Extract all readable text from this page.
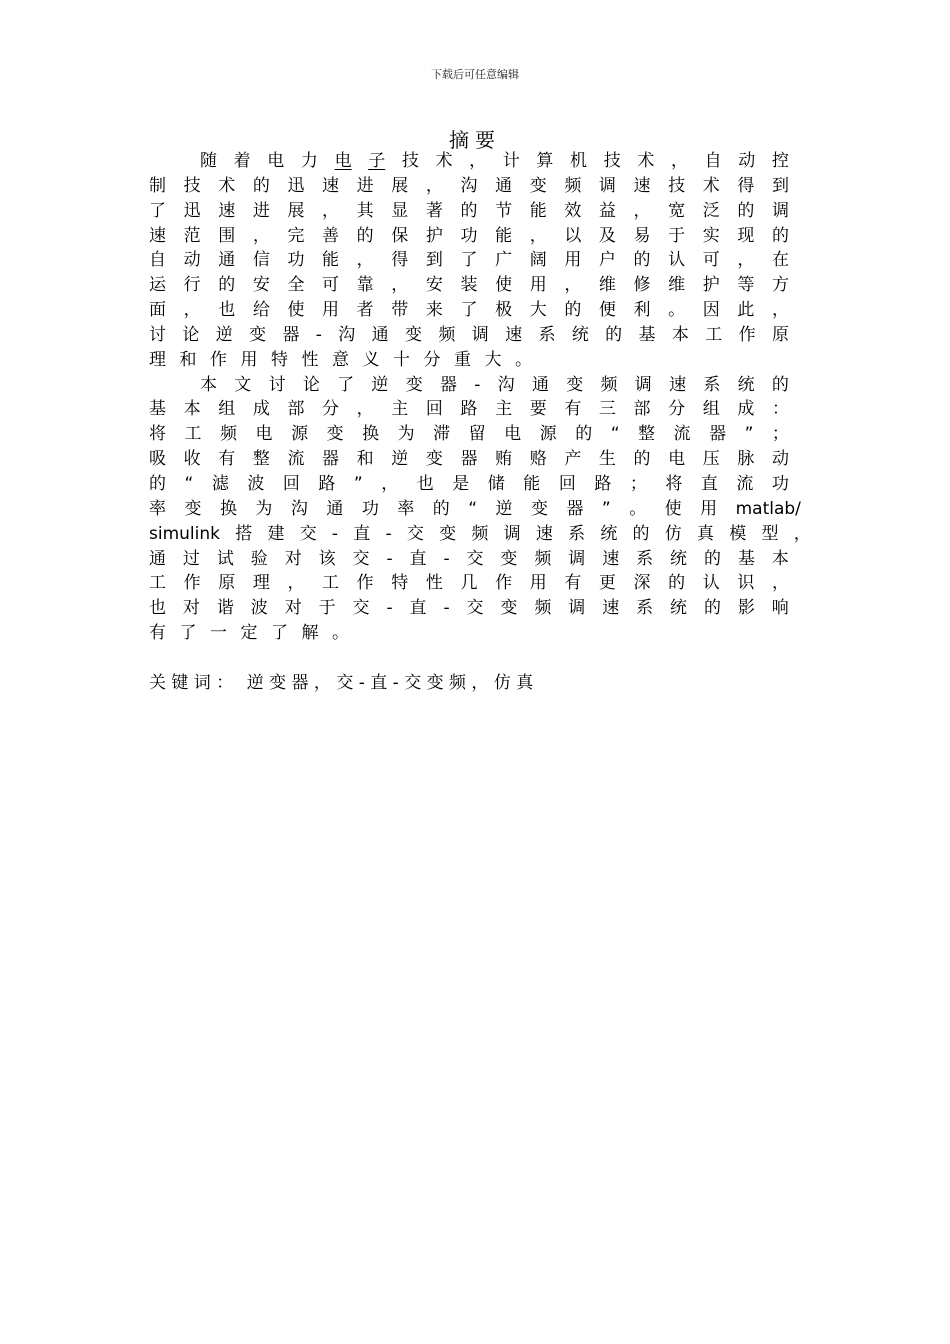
下载后可任意编辑
摘要
随 着 电 力 电 子 技 术 ， 计 算 机 技 术 ， 自 动 控
制 技 术 的 迅 速 进 展 ， 沟 通 变 频 调 速 技 术 得 到
了 迅 速 进 展 ， 其 显 著 的 节 能 效 益 ， 宽 泛 的 调
速 范 围 ， 完 善 的 保 护 功 能 ， 以 及 易 于 实 现 的
自 动 通 信 功 能 ， 得 到 了 广 阔 用 户 的 认 可 ， 在
运 行 的 安 全 可 靠 ， 安 装 使 用 ， 维 修 维 护 等 方
面 ， 也 给 使 用 者 带 来 了 极 大 的 便 利 。 因 此 ，
讨 论 逆 变 器 - 沟 通 变 频 调 速 系 统 的 基 本 工 作 原
理 和 作 用 特 性 意 义 十 分 重 大 。
本 文 讨 论 了 逆 变 器 - 沟 通 变 频 调 速 系 统 的
基 本 组 成 部 分 ， 主 回 路 主 要 有 三 部 分 组 成 ：
将 工 频 电 源 变 换 为 滞 留 电 源 的 “ 整 流 器 ” ；
吸 收 有 整 流 器 和 逆 变 器 贿 赂 产 生 的 电 压 脉 动
的 “ 滤 波 回 路 ” ， 也 是 储 能 回 路 ； 将 直 流 功
率 变 换 为 沟 通 功 率 的 “ 逆 变 器 ” 。 使 用 matlab/
simulink 搭 建 交 - 直 - 交 变 频 调 速 系 统 的 仿 真 模 型 ，
通 过 试 验 对 该 交 - 直 - 交 变 频 调 速 系 统 的 基 本
工 作 原 理 ， 工 作 特 性 几 作 用 有 更 深 的 认 识 ，
也 对 谐 波 对 于 交 - 直 - 交 变 频 调 速 系 统 的 影 响
有 了 一 定 了 解 。
关 键 词 ： 逆 变 器 ， 交 - 直 - 交 变 频 ， 仿 真
